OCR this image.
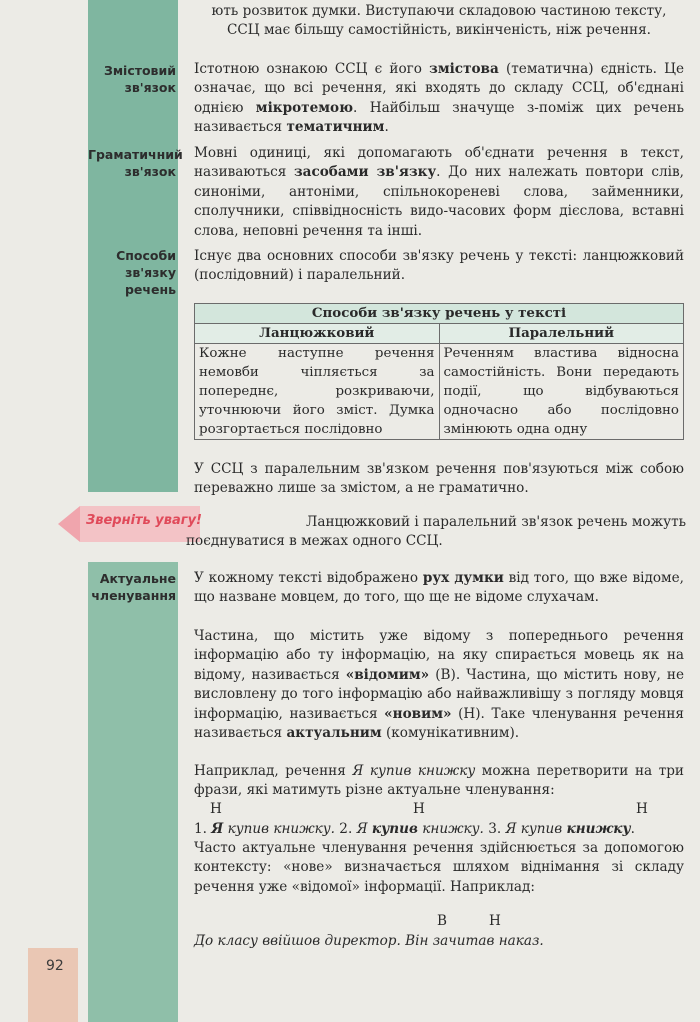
92
ють розвиток думки. Виступаючи складовою частиною тексту,
ССЦ має більшу самостійність, викінченість, ніж речення.
Змістовий
зв'язок
Істотною ознакою ССЦ є його змістова (тематична) єдність. Це означає, що всі речення, які входять до складу ССЦ, об'єднані однією мікротемою. Найбільш значуще з-поміж цих речень називається тематичним.
Граматичний
зв'язок
Мовні одиниці, які допомагають об'єднати речення в текст, називаються засобами зв'язку. До них належать повтори слів, синоніми, антоніми, спільнокореневі слова, займенники, сполучники, співвідносність видо-часових форм дієслова, вставні слова, неповні речення та інші.
Способи
зв'язку
речень
Існує два основних способи зв'язку речень у тексті: ланцюжковий (послідовний) і паралельний.
Способи зв'язку речень у тексті	
Ланцюжковий	Паралельний
Кожне наступне речення немовби чіпляється за попереднє, розкриваючи, уточнюючи його зміст. Думка розгортається послідовно	Реченням властива відносна самостійність. Вони передають події, що відбуваються одночасно або послідовно змінюють одна одну
У ССЦ з паралельним зв'язком речення пов'язуються між собою переважно лише за змістом, а не граматично.
Зверніть увагу!	Ланцюжковий і паралельний зв'язок речень можуть поєднуватися в межах одного ССЦ.
Актуальне
членування
У кожному тексті відображено рух думки від того, що вже відоме, що назване мовцем, до того, що ще не відоме слухачам.
Частина, що містить уже відому з попереднього речення інформацію або ту інформацію, на яку спирається мовець як на відому, називається «відомим» (В). Частина, що містить нову, не висловлену до того інформацію або найважливішу з погляду мовця інформацію, називається «новим» (Н). Таке членування речення називається актуальним (комунікативним).
Наприклад, речення Я купив книжку можна перетворити на три фрази, які матимуть різне актуальне членування:
Н	Н	Н
1. Я купив книжку. 2. Я купив книжку. 3. Я купив книжку.
Часто актуальне членування речення здійснюється за допомогою контексту: «нове» визначається шляхом віднімання зі складу речення уже «відомої» інформації. Наприклад:
В	Н
До класу ввійшов директор. Він зачитав наказ.
